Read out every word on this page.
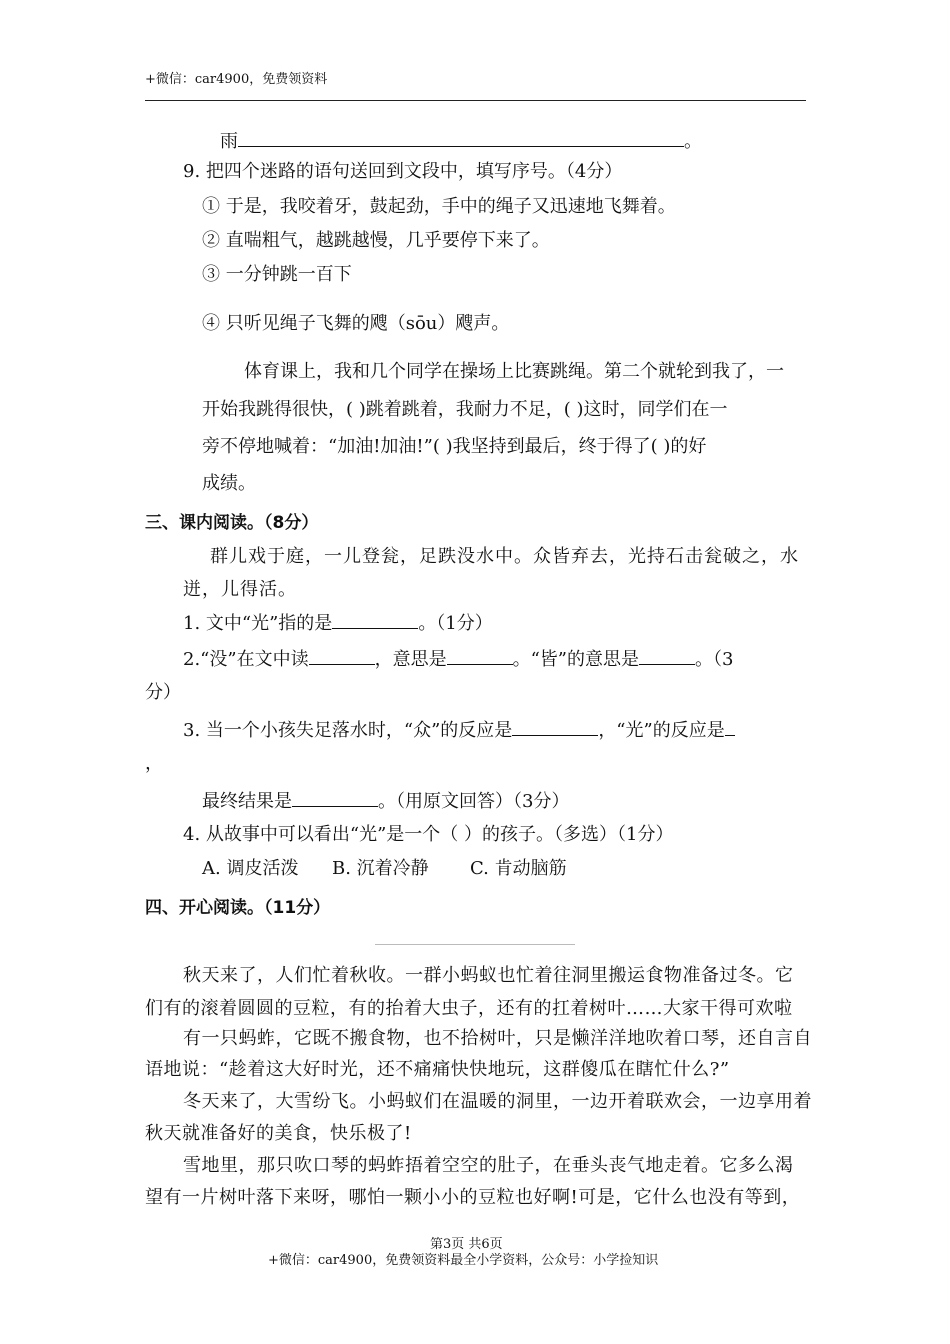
+微信：car4900，免费领资料
雨	。
9. 把四个迷路的语句送回到文段中，填写序号。（4分）
① 于是，我咬着牙，鼓起劲，手中的绳子又迅速地飞舞着。
② 直喘粗气，越跳越慢，几乎要停下来了。
③ 一分钟跳一百下
④ 只听见绳子飞舞的飕（sōu）飕声。
体育课上，我和几个同学在操场上比赛跳绳。第二个就轮到我了，一
开始我跳得很快，( )跳着跳着，我耐力不足，( )这时，同学们在一
旁不停地喊着：“加油!加油!”( )我坚持到最后，终于得了( )的好
成绩。
三、课内阅读。（8分）
群儿戏于庭，一儿登瓮，足跌没水中。众皆弃去，光持石击瓮破之，水
迸，儿得活。
1. 文中“光”指的是	。（1分）
2.“没”在文中读	，意思是	。“皆”的意思是	。（3
分）
3. 当一个小孩失足落水时，“众”的反应是	，“光”的反应是
，
最终结果是	。（用原文回答）（3分）
4. 从故事中可以看出“光”是一个（ ）的孩子。（多选）（1分）
A. 调皮活泼 B. 沉着冷静 C. 肯动脑筋
四、开心阅读。（11分）
秋天来了，人们忙着秋收。一群小蚂蚁也忙着往洞里搬运食物准备过冬。它
们有的滚着圆圆的豆粒，有的抬着大虫子，还有的扛着树叶……大家干得可欢啦
有一只蚂蚱，它既不搬食物，也不拾树叶，只是懒洋洋地吹着口琴，还自言自
语地说：“趁着这大好时光，还不痛痛快快地玩，这群傻瓜在瞎忙什么?”
冬天来了，大雪纷飞。小蚂蚁们在温暖的洞里，一边开着联欢会，一边享用着
秋天就准备好的美食，快乐极了!
雪地里，那只吹口琴的蚂蚱捂着空空的肚子，在垂头丧气地走着。它多么渴
望有一片树叶落下来呀，哪怕一颗小小的豆粒也好啊!可是，它什么也没有等到，
第3页 共6页
+微信：car4900，免费领资料最全小学资料，公众号：小学捡知识
